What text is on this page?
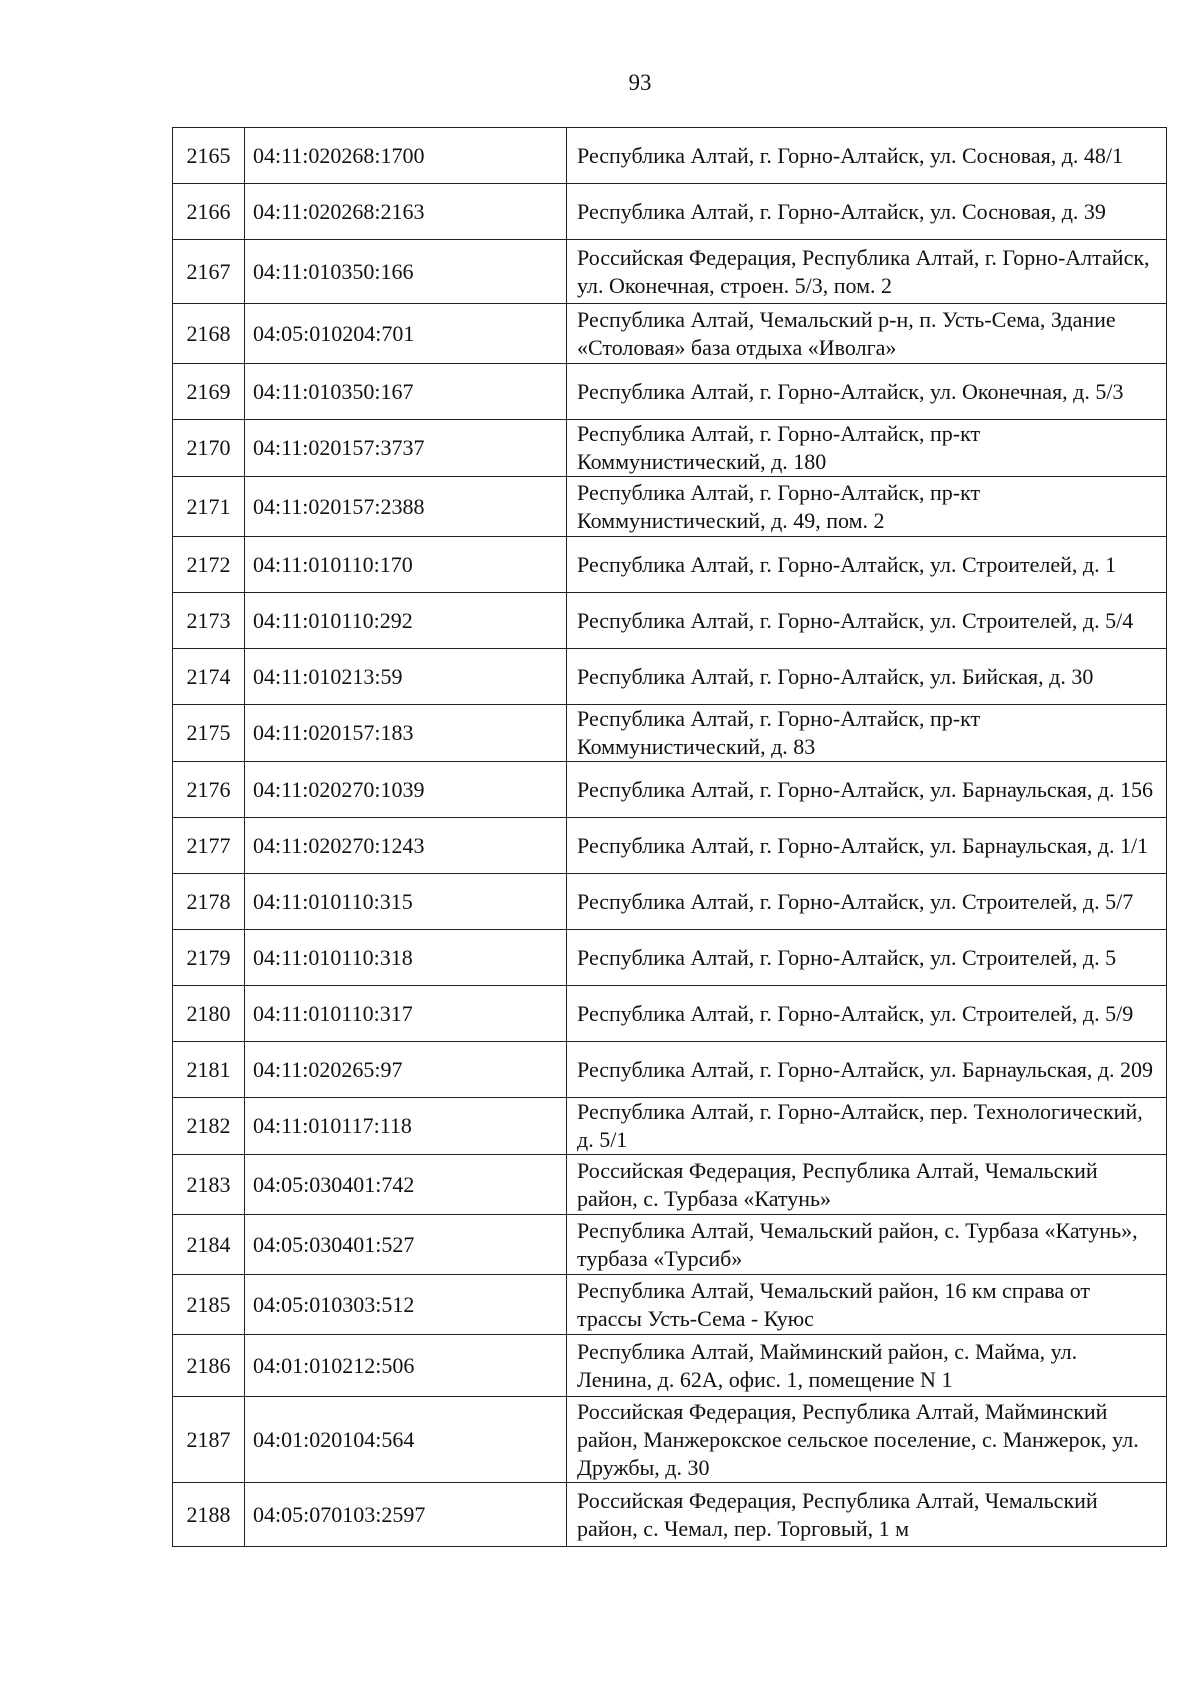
93
2165	04:11:020268:1700	Республика Алтай, г. Горно-Алтайск, ул. Сосновая, д. 48/1
2166	04:11:020268:2163	Республика Алтай, г. Горно-Алтайск, ул. Сосновая, д. 39
2167	04:11:010350:166	Российская Федерация, Республика Алтай, г. Горно-Алтайск, ул. Оконечная, строен. 5/3, пом. 2
2168	04:05:010204:701	Республика Алтай, Чемальский р-н, п. Усть-Сема, Здание «Столовая» база отдыха «Иволга»
2169	04:11:010350:167	Республика Алтай, г. Горно-Алтайск, ул. Оконечная, д. 5/3
2170	04:11:020157:3737	Республика Алтай, г. Горно-Алтайск, пр-кт Коммунистический, д. 180
2171	04:11:020157:2388	Республика Алтай, г. Горно-Алтайск, пр-кт Коммунистический, д. 49, пом. 2
2172	04:11:010110:170	Республика Алтай, г. Горно-Алтайск, ул. Строителей, д. 1
2173	04:11:010110:292	Республика Алтай, г. Горно-Алтайск, ул. Строителей, д. 5/4
2174	04:11:010213:59	Республика Алтай, г. Горно-Алтайск, ул. Бийская, д. 30
2175	04:11:020157:183	Республика Алтай, г. Горно-Алтайск, пр-кт Коммунистический, д. 83
2176	04:11:020270:1039	Республика Алтай, г. Горно-Алтайск, ул. Барнаульская, д. 156
2177	04:11:020270:1243	Республика Алтай, г. Горно-Алтайск, ул. Барнаульская, д. 1/1
2178	04:11:010110:315	Республика Алтай, г. Горно-Алтайск, ул. Строителей, д. 5/7
2179	04:11:010110:318	Республика Алтай, г. Горно-Алтайск, ул. Строителей, д. 5
2180	04:11:010110:317	Республика Алтай, г. Горно-Алтайск, ул. Строителей, д. 5/9
2181	04:11:020265:97	Республика Алтай, г. Горно-Алтайск, ул. Барнаульская, д. 209
2182	04:11:010117:118	Республика Алтай, г. Горно-Алтайск, пер. Технологический, д. 5/1
2183	04:05:030401:742	Российская Федерация, Республика Алтай, Чемальский район, с. Турбаза «Катунь»
2184	04:05:030401:527	Республика Алтай, Чемальский район, с. Турбаза «Катунь», турбаза «Турсиб»
2185	04:05:010303:512	Республика Алтай, Чемальский район, 16 км справа от трассы Усть-Сема - Куюс
2186	04:01:010212:506	Республика Алтай, Майминский район, с. Майма, ул. Ленина, д. 62А, офис. 1, помещение N 1
2187	04:01:020104:564	Российская Федерация, Республика Алтай, Майминский район, Манжерокское сельское поселение, с. Манжерок, ул. Дружбы, д. 30
2188	04:05:070103:2597	Российская Федерация, Республика Алтай, Чемальский район, с. Чемал, пер. Торговый, 1 м
